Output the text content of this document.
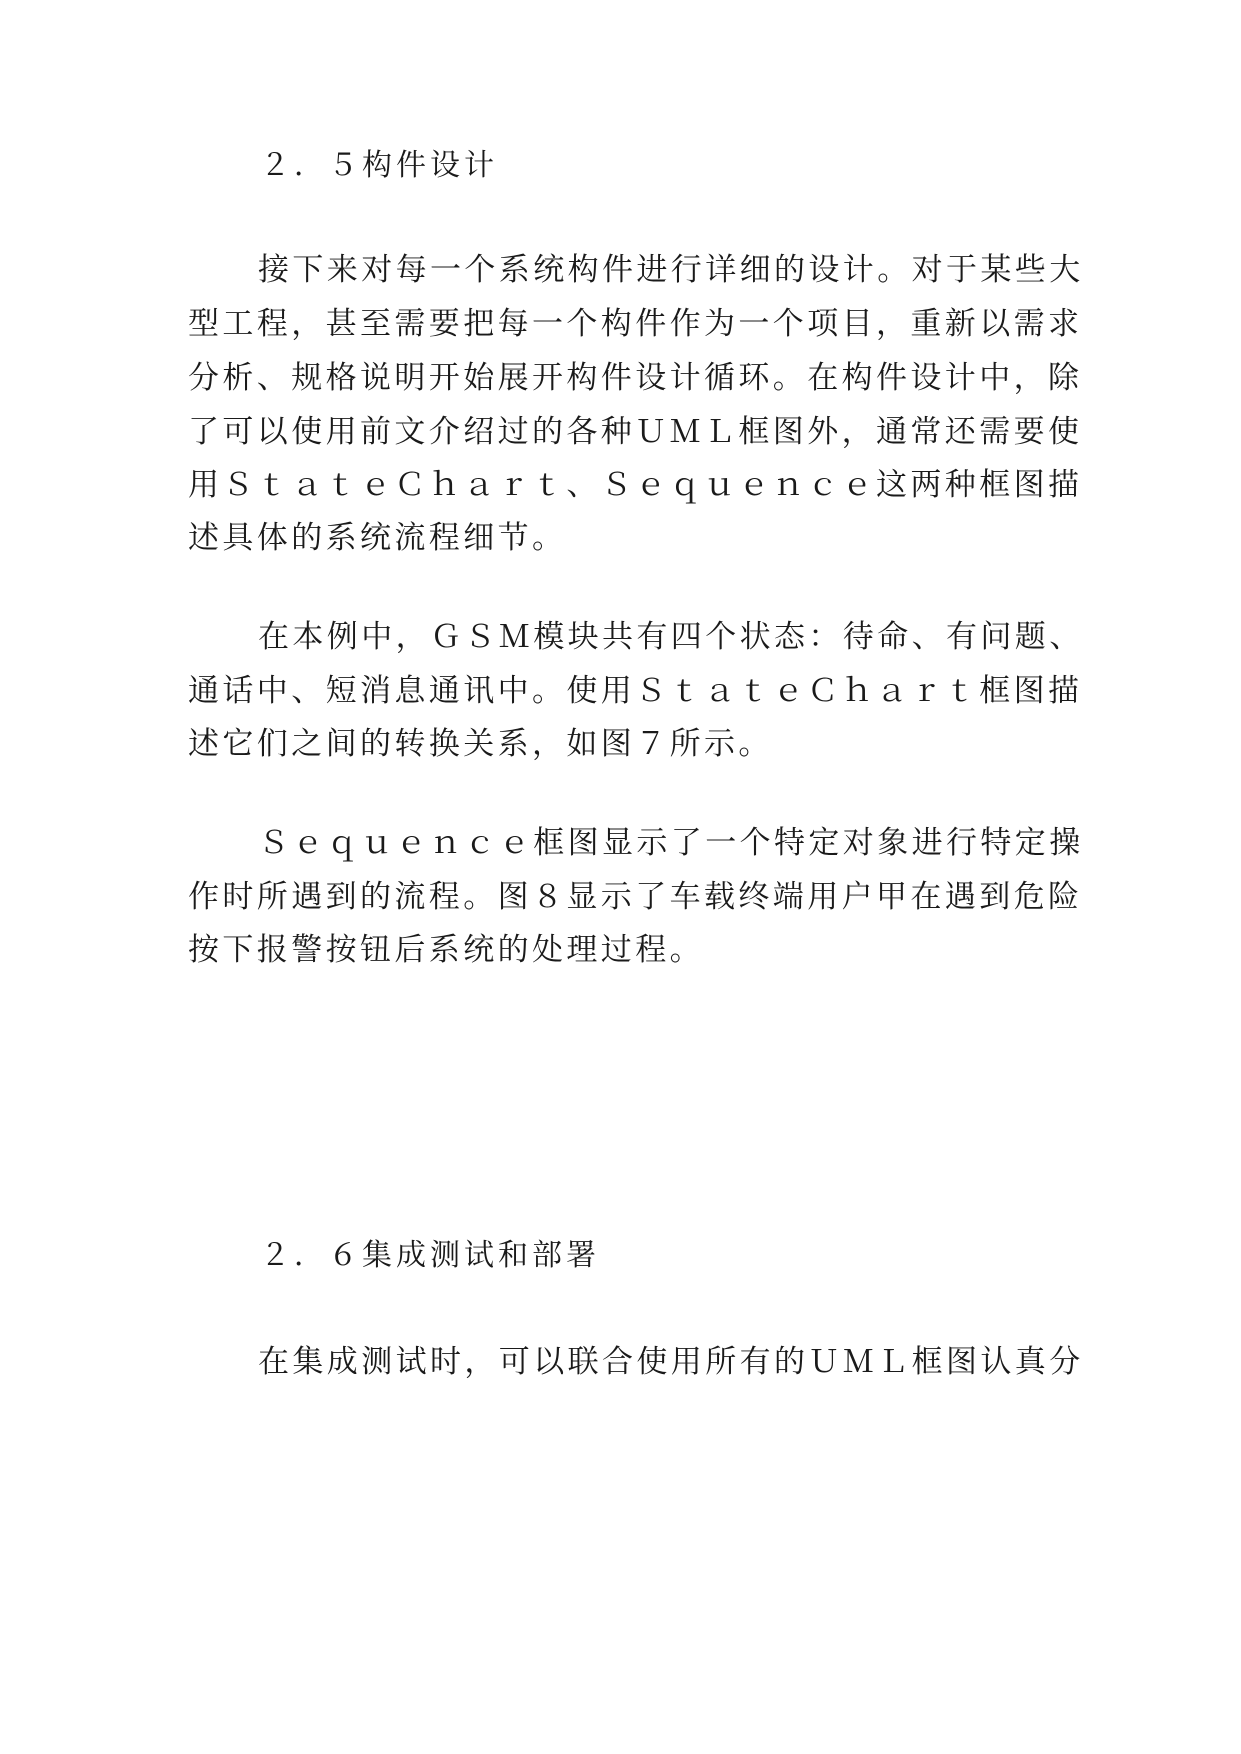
２．５构件设计
接下来对每一个系统构件进行详细的设计。对于某些大
型工程，甚至需要把每一个构件作为一个项目，重新以需求
分析、规格说明开始展开构件设计循环。在构件设计中，除
了可以使用前文介绍过的各种ＵＭＬ框图外，通常还需要使
用ＳｔａｔｅＣｈａｒｔ、Ｓｅｑｕｅｎｃｅ这两种框图描
述具体的系统流程细节。
在本例中，ＧＳＭ模块共有四个状态：待命、有问题、
通话中、短消息通讯中。使用ＳｔａｔｅＣｈａｒｔ框图描
述它们之间的转换关系，如图７所示。
Ｓｅｑｕｅｎｃｅ框图显示了一个特定对象进行特定操
作时所遇到的流程。图８显示了车载终端用户甲在遇到危险
按下报警按钮后系统的处理过程。
２．６集成测试和部署
在集成测试时，可以联合使用所有的ＵＭＬ框图认真分
